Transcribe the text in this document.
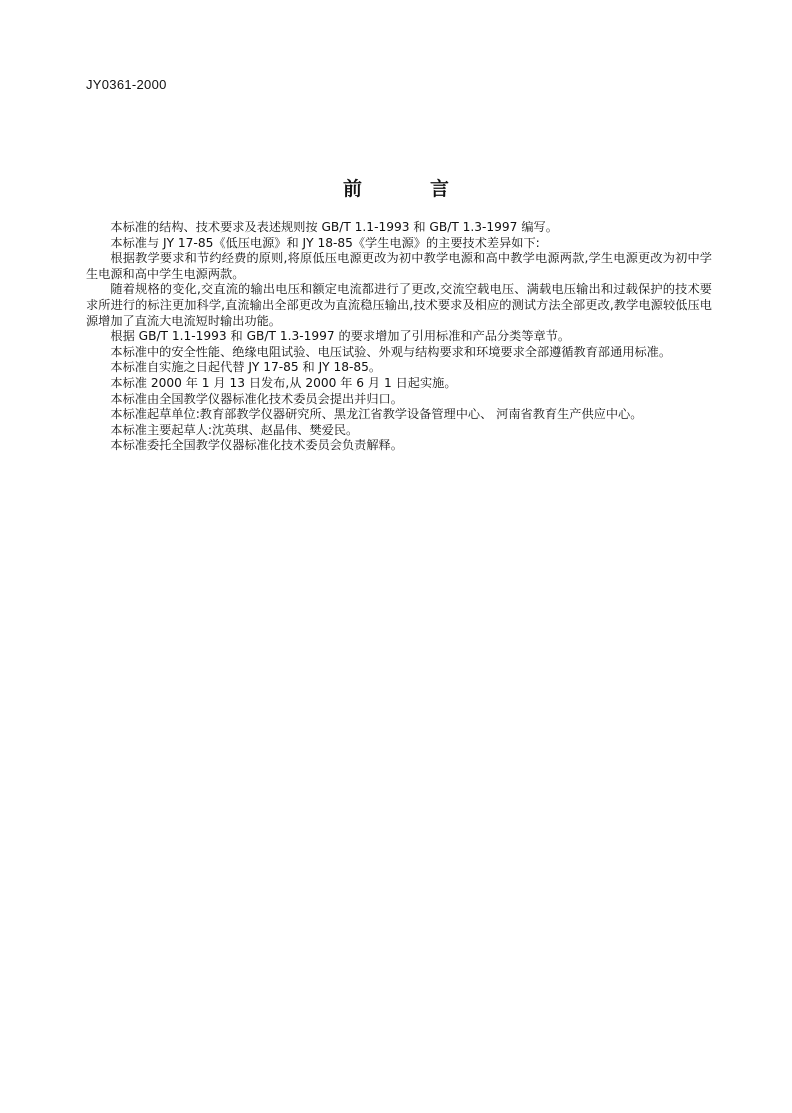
JY0361-2000
前	言

本标准的结构、技术要求及表述规则按 GB/T 1.1-1993 和 GB/T 1.3-1997 编写。

本标准与 JY 17-85《低压电源》和 JY 18-85《学生电源》的主要技术差异如下:

根据教学要求和节约经费的原则,将原低压电源更改为初中教学电源和高中教学电源两款,学生电源更改为初中学生电源和高中学生电源两款。

随着规格的变化,交直流的输出电压和额定电流都进行了更改,交流空载电压、满载电压输出和过载保护的技术要求所进行的标注更加科学,直流输出全部更改为直流稳压输出,技术要求及相应的测试方法全部更改,教学电源较低压电源增加了直流大电流短时输出功能。

根据 GB/T 1.1-1993 和 GB/T 1.3-1997 的要求增加了引用标准和产品分类等章节。

本标准中的安全性能、绝缘电阻试验、电压试验、外观与结构要求和环境要求全部遵循教育部通用标准。

本标准自实施之日起代替 JY 17-85 和 JY 18-85。

本标准 2000 年 1 月 13 日发布,从 2000 年 6 月 1 日起实施。

本标准由全国教学仪器标准化技术委员会提出并归口。

本标准起草单位:教育部教学仪器研究所、黑龙江省教学设备管理中心、 河南省教育生产供应中心。

本标准主要起草人:沈英琪、赵晶伟、樊爱民。

本标准委托全国教学仪器标准化技术委员会负责解释。
